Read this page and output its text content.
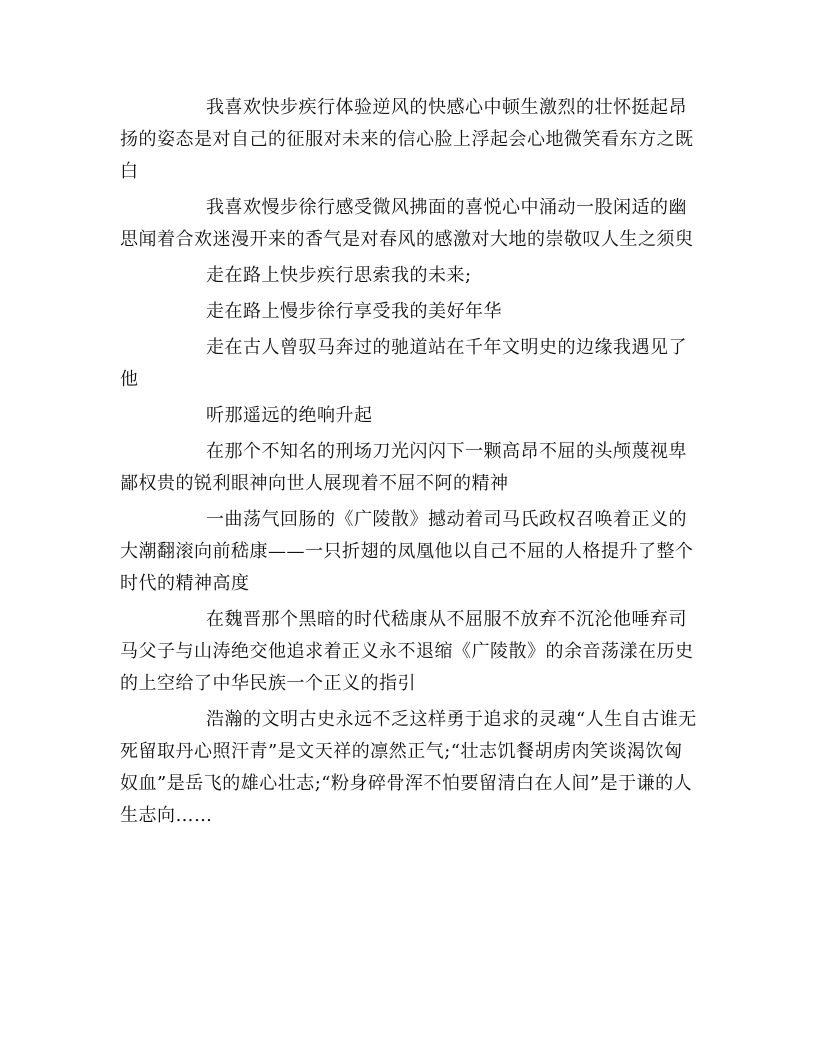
我喜欢快步疾行体验逆风的快感心中顿生激烈的壮怀挺起昂扬的姿态是对自己的征服对未来的信心脸上浮起会心地微笑看东方之既白

我喜欢慢步徐行感受微风拂面的喜悦心中涌动一股闲适的幽思闻着合欢迷漫开来的香气是对春风的感激对大地的崇敬叹人生之须臾

走在路上快步疾行思索我的未来;

走在路上慢步徐行享受我的美好年华

走在古人曾驭马奔过的驰道站在千年文明史的边缘我遇见了他

听那遥远的绝响升起

在那个不知名的刑场刀光闪闪下一颗高昂不屈的头颅蔑视卑鄙权贵的锐利眼神向世人展现着不屈不阿的精神

一曲荡气回肠的《广陵散》撼动着司马氏政权召唤着正义的大潮翻滚向前嵇康——一只折翅的凤凰他以自己不屈的人格提升了整个时代的精神高度

在魏晋那个黑暗的时代嵇康从不屈服不放弃不沉沦他唾弃司马父子与山涛绝交他追求着正义永不退缩《广陵散》的余音荡漾在历史的上空给了中华民族一个正义的指引

浩瀚的文明古史永远不乏这样勇于追求的灵魂“人生自古谁无死留取丹心照汗青”是文天祥的凛然正气;“壮志饥餐胡虏肉笑谈渴饮匈奴血”是岳飞的雄心壮志;“粉身碎骨浑不怕要留清白在人间”是于谦的人生志向……
